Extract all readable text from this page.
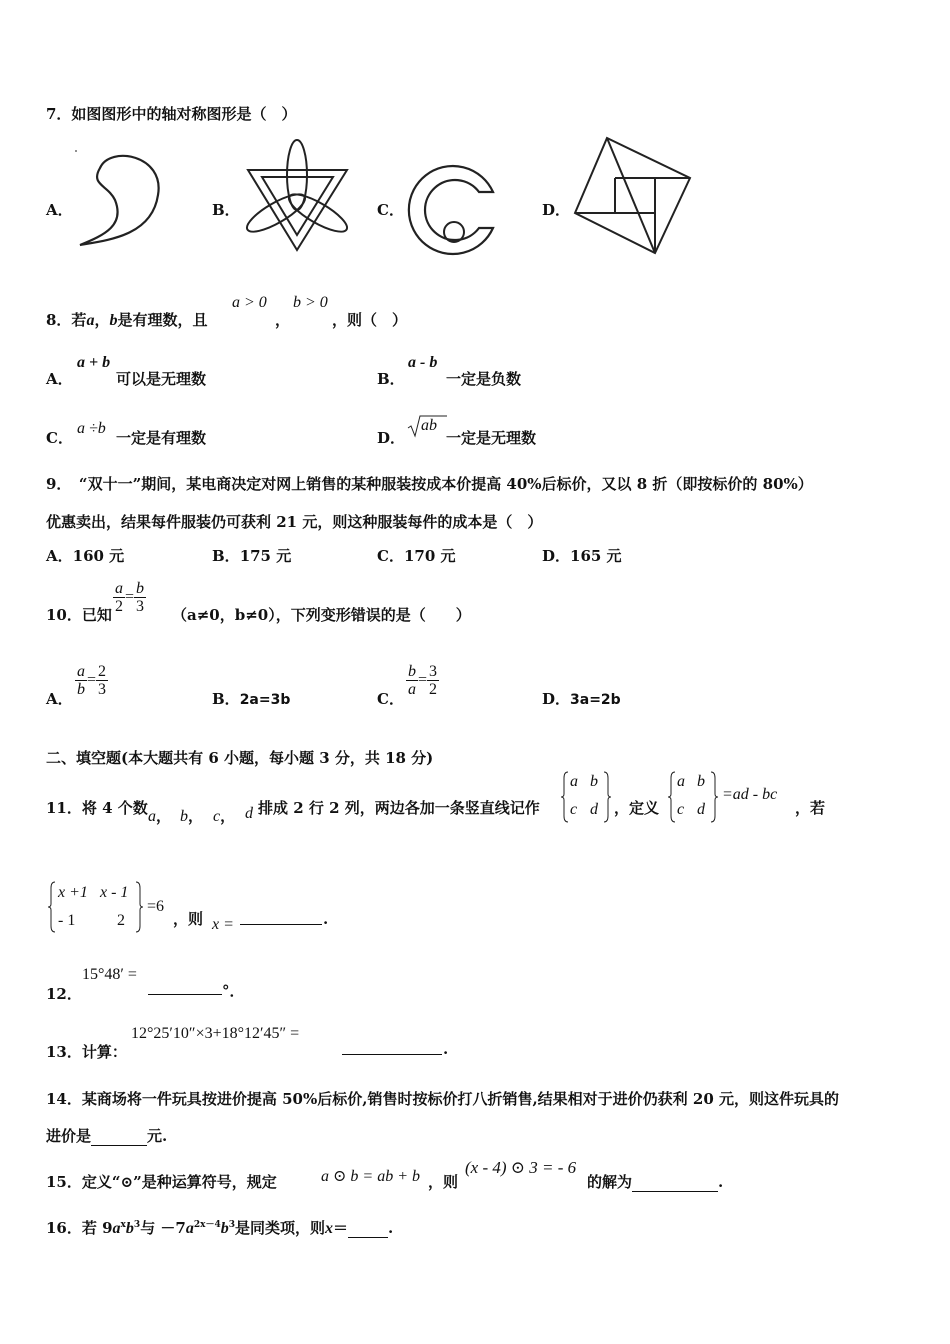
7．如图图形中的轴对称图形是（　）
A．	B．	C．	D．
8．若a，b是有理数，且
a > 0
，
b > 0
，则（　）
A．
a + b
可以是无理数	B．
a - b
一定是负数
C．
a ÷b
一定是有理数	D．
ab
一定是无理数
9．　“双十一”期间，某电商决定对网上销售的某种服装按成本价提高 40%后标价，又以 8 折（即按标价的 80%）
优惠卖出，结果每件服装仍可获利 21 元，则这种服装每件的成本是（　）
A．160 元	B．175 元	C．170 元	D．165 元
10．已知 $\frac{a}{2} = \frac{b}{3} (a\ne 0$，b≠0），下列变形错误的是（　　）
A．
$\frac{a}{b} = \frac{2}{3}$
B．2a=3b	C．
$\frac{b}{a} = \frac{3}{2}$
D．3a=2b
二、填空题(本大题共有 6 小题，每小题 3 分，共 18 分)
11．将 4 个数 a， b， c， d 排成 2 行 2 列，两边各加一条竖直线记作
a b
c d ，定义
a b
c d
=ad - bc
，若
x +1 x - 1
- 1	2
=6
，则 x =	.
12．
15°48′ =
°．
13．计算：
12°25′10″×3+18°12′45″ =
.
14．某商场将一件玩具按进价提高 50%后标价,销售时按标价打八折销售,结果相对于进价仍获利 20 元，则这件玩具的
进价是	元.
15．定义“⊙”是种运算符号，规定	a ⊙ b = ab + b ，则
(x - 4) ⊙ 3 = - 6
的解为	.
16．若 $9a^xb^3$与 $-7a^{2x-4}b^3$是同类项，则x＝	.
